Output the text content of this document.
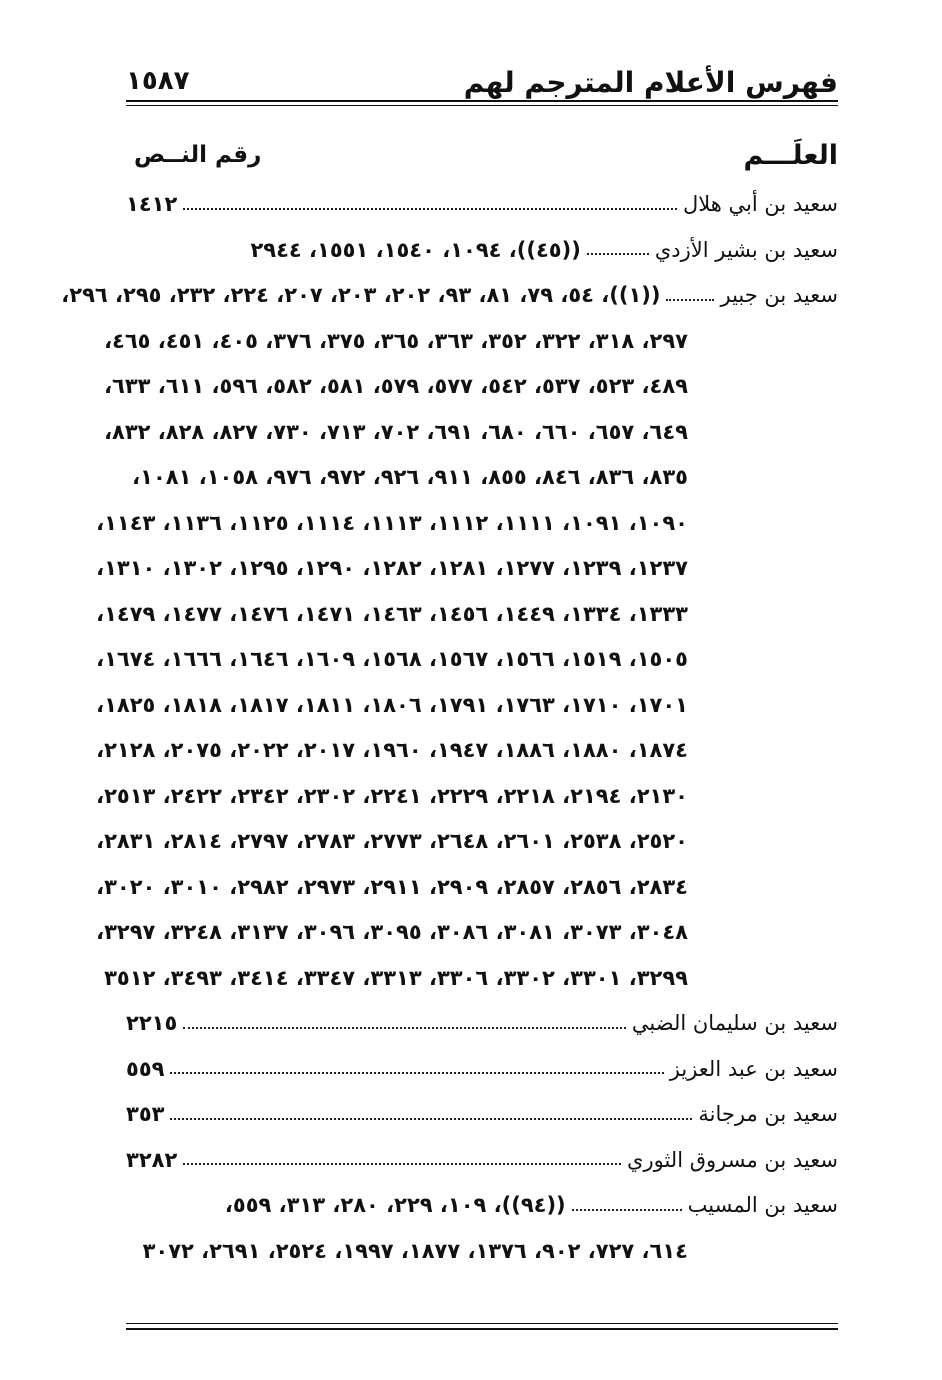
فهرس الأعلام المترجم لهم
١٥٨٧
العلَـــم
رقم النــص
سعيد بن أبي هلال
١٤١٢
سعيد بن بشير الأزدي
((٤٥))، ١٠٩٤، ١٥٤٠، ١٥٥١، ٢٩٤٤
سعيد بن جبير
((١))، ٥٤، ٧٩، ٨١، ٩٣، ٢٠٢، ٢٠٣، ٢٠٧، ٢٢٤، ٢٣٢، ٢٩٥، ٢٩٦،
٢٩٧، ٣١٨، ٣٢٢، ٣٥٢، ٣٦٣، ٣٦٥، ٣٧٥، ٣٧٦، ٤٠٥، ٤٥١، ٤٦٥،
٤٨٩، ٥٢٣، ٥٣٧، ٥٤٢، ٥٧٧، ٥٧٩، ٥٨١، ٥٨٢، ٥٩٦، ٦١١، ٦٣٣،
٦٤٩، ٦٥٧، ٦٦٠، ٦٨٠، ٦٩١، ٧٠٢، ٧١٣، ٧٣٠، ٨٢٧، ٨٢٨، ٨٣٢،
٨٣٥، ٨٣٦، ٨٤٦، ٨٥٥، ٩١١، ٩٢٦، ٩٧٢، ٩٧٦، ١٠٥٨، ١٠٨١،
١٠٩٠، ١٠٩١، ١١١١، ١١١٢، ١١١٣، ١١١٤، ١١٢٥، ١١٣٦، ١١٤٣،
١٢٣٧، ١٢٣٩، ١٢٧٧، ١٢٨١، ١٢٨٢، ١٢٩٠، ١٢٩٥، ١٣٠٢، ١٣١٠،
١٣٣٣، ١٣٣٤، ١٤٤٩، ١٤٥٦، ١٤٦٣، ١٤٧١، ١٤٧٦، ١٤٧٧، ١٤٧٩،
١٥٠٥، ١٥١٩، ١٥٦٦، ١٥٦٧، ١٥٦٨، ١٦٠٩، ١٦٤٦، ١٦٦٦، ١٦٧٤،
١٧٠١، ١٧١٠، ١٧٦٣، ١٧٩١، ١٨٠٦، ١٨١١، ١٨١٧، ١٨١٨، ١٨٢٥،
١٨٧٤، ١٨٨٠، ١٨٨٦، ١٩٤٧، ١٩٦٠، ٢٠١٧، ٢٠٢٢، ٢٠٧٥، ٢١٢٨،
٢١٣٠، ٢١٩٤، ٢٢١٨، ٢٢٢٩، ٢٢٤١، ٢٣٠٢، ٢٣٤٢، ٢٤٢٢، ٢٥١٣،
٢٥٢٠، ٢٥٣٨، ٢٦٠١، ٢٦٤٨، ٢٧٧٣، ٢٧٨٣، ٢٧٩٧، ٢٨١٤، ٢٨٣١،
٢٨٣٤، ٢٨٥٦، ٢٨٥٧، ٢٩٠٩، ٢٩١١، ٢٩٧٣، ٢٩٨٢، ٣٠١٠، ٣٠٢٠،
٣٠٤٨، ٣٠٧٣، ٣٠٨١، ٣٠٨٦، ٣٠٩٥، ٣٠٩٦، ٣١٣٧، ٣٢٤٨، ٣٢٩٧،
٣٢٩٩، ٣٣٠١، ٣٣٠٢، ٣٣٠٦، ٣٣١٣، ٣٣٤٧، ٣٤١٤، ٣٤٩٣، ٣٥١٢
سعيد بن سليمان الضبي
٢٢١٥
سعيد بن عبد العزيز
٥٥٩
سعيد بن مرجانة
٣٥٣
سعيد بن مسروق الثوري
٣٢٨٢
سعيد بن المسيب
((٩٤))، ١٠٩، ٢٢٩، ٢٨٠، ٣١٣، ٥٥٩،
٦١٤، ٧٢٧، ٩٠٢، ١٣٧٦، ١٨٧٧، ١٩٩٧، ٢٥٢٤، ٢٦٩١، ٣٠٧٢
